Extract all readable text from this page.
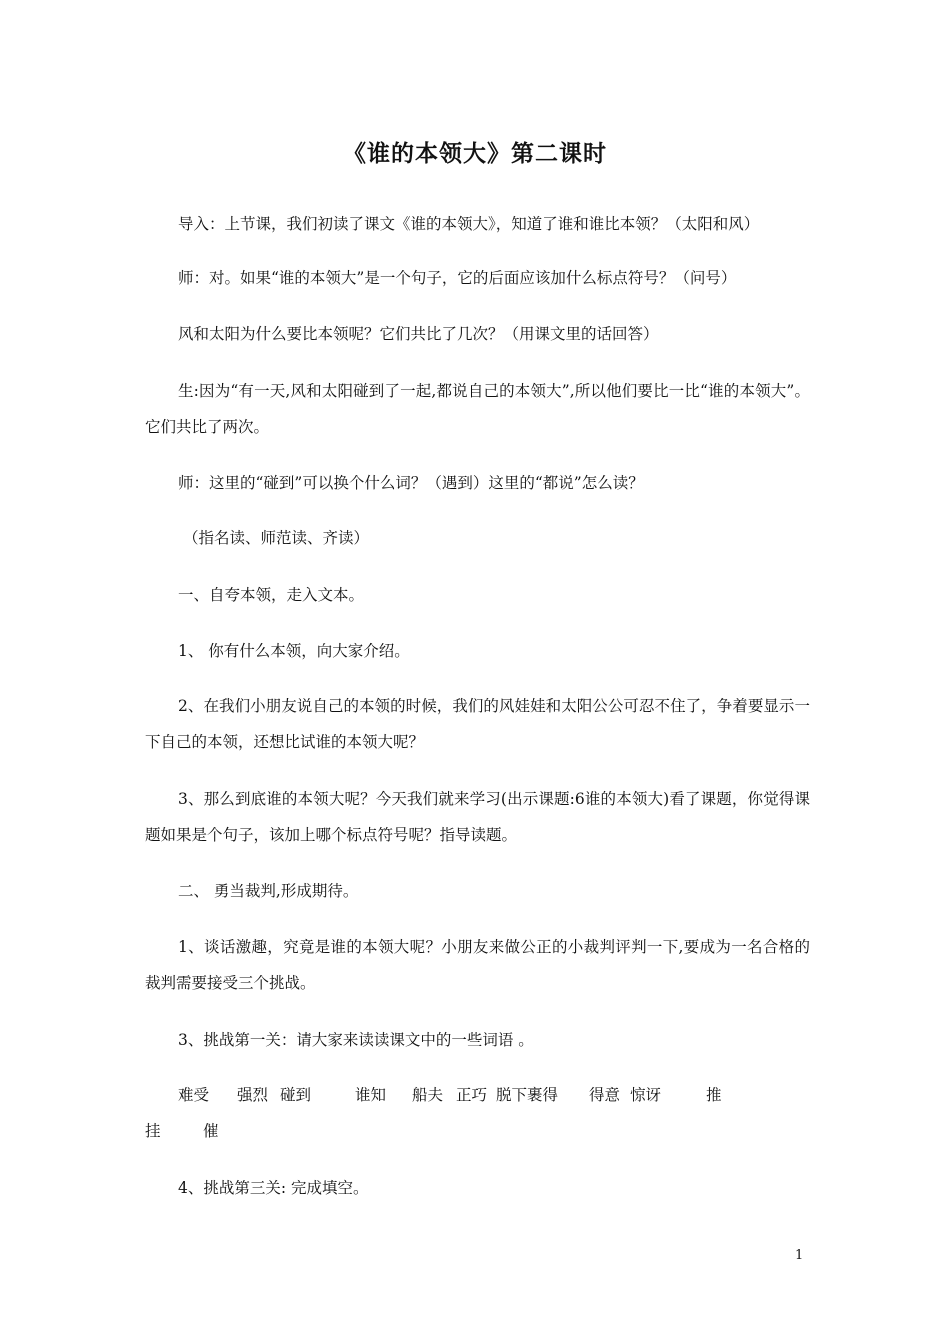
《谁的本领大》第二课时
导入：上节课，我们初读了课文《谁的本领大》，知道了谁和谁比本领？（太阳和风）
师：对。如果“谁的本领大”是一个句子，它的后面应该加什么标点符号？（问号）
风和太阳为什么要比本领呢？它们共比了几次？（用课文里的话回答）
生:因为“有一天,风和太阳碰到了一起,都说自己的本领大”,所以他们要比一比“谁的本领大”。它们共比了两次。
师：这里的“碰到”可以换个什么词？（遇到）这里的“都说”怎么读？
（指名读、师范读、齐读）
一、自夸本领，走入文本。
1、 你有什么本领，向大家介绍。
2、在我们小朋友说自己的本领的时候，我们的风娃娃和太阳公公可忍不住了，争着要显示一下自己的本领，还想比试谁的本领大呢？
3、那么到底谁的本领大呢？今天我们就来学习(出示课题:6谁的本领大)看了课题，你觉得课题如果是个句子，该加上哪个标点符号呢？指导读题。
二、 勇当裁判,形成期待。
1、谈话激趣，究竟是谁的本领大呢？小朋友来做公正的小裁判评判一下,要成为一名合格的裁判需要接受三个挑战。
3、挑战第一关：请大家来读读课文中的一些词语 。
难受 强烈 碰到	谁知 船夫 正巧 脱下裹得 得意 惊讶	推
挂	催
4、挑战第三关: 完成填空。
1
